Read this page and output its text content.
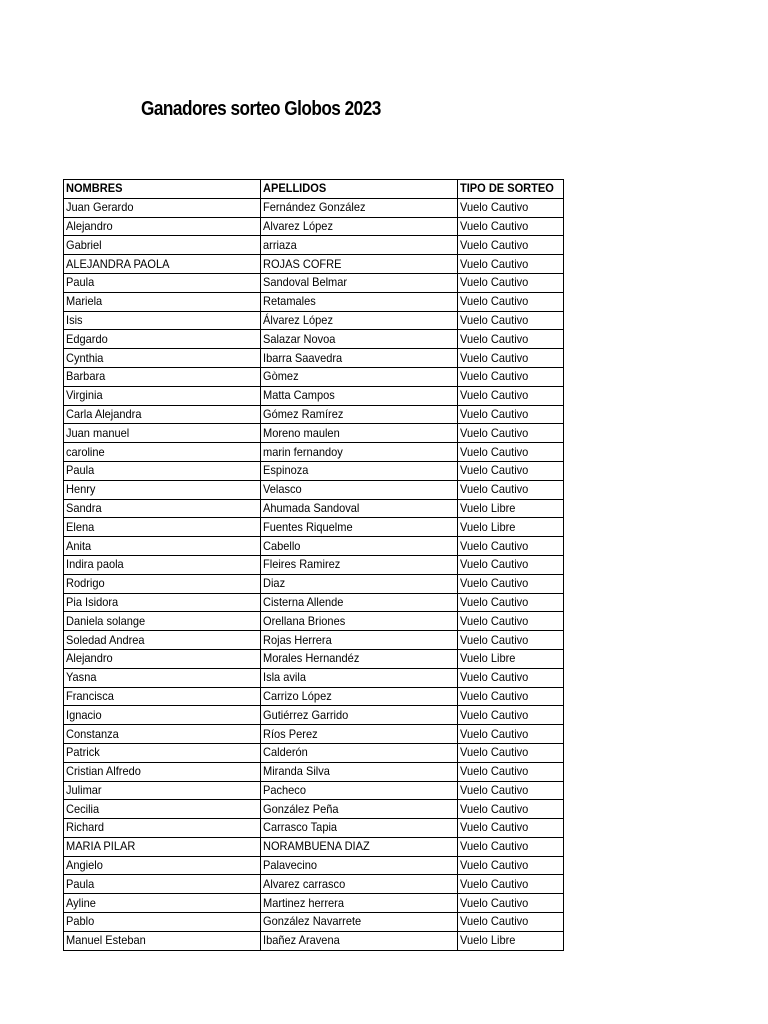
Ganadores sorteo Globos 2023
NOMBRES	APELLIDOS	TIPO DE SORTEO
Juan Gerardo	Fernández González	Vuelo Cautivo
Alejandro	Alvarez López	Vuelo Cautivo
Gabriel	arriaza	Vuelo Cautivo
ALEJANDRA PAOLA	ROJAS COFRE	Vuelo Cautivo
Paula	Sandoval Belmar	Vuelo Cautivo
Mariela	Retamales	Vuelo Cautivo
Isis	Álvarez López	Vuelo Cautivo
Edgardo	Salazar Novoa	Vuelo Cautivo
Cynthia	Ibarra Saavedra	Vuelo Cautivo
Barbara	Gòmez	Vuelo Cautivo
Virginia	Matta Campos	Vuelo Cautivo
Carla Alejandra	Gómez Ramírez	Vuelo Cautivo
Juan manuel	Moreno maulen	Vuelo Cautivo
caroline	marin fernandoy	Vuelo Cautivo
Paula	Espinoza	Vuelo Cautivo
Henry	Velasco	Vuelo Cautivo
Sandra	Ahumada Sandoval	Vuelo Libre
Elena	Fuentes Riquelme	Vuelo Libre
Anita	Cabello	Vuelo Cautivo
Indira paola	Fleires Ramirez	Vuelo Cautivo
Rodrigo	Diaz	Vuelo Cautivo
Pia Isidora	Cisterna Allende	Vuelo Cautivo
Daniela solange	Orellana Briones	Vuelo Cautivo
Soledad Andrea	Rojas Herrera	Vuelo Cautivo
Alejandro	Morales Hernandéz	Vuelo Libre
Yasna	Isla avila	Vuelo Cautivo
Francisca	Carrizo López	Vuelo Cautivo
Ignacio	Gutiérrez Garrido	Vuelo Cautivo
Constanza	Ríos Perez	Vuelo Cautivo
Patrick	Calderón	Vuelo Cautivo
Cristian Alfredo	Miranda Silva	Vuelo Cautivo
Julimar	Pacheco	Vuelo Cautivo
Cecilia	González Peña	Vuelo Cautivo
Richard	Carrasco Tapia	Vuelo Cautivo
MARIA PILAR	NORAMBUENA DIAZ	Vuelo Cautivo
Angielo	Palavecino	Vuelo Cautivo
Paula	Alvarez carrasco	Vuelo Cautivo
Ayline	Martinez herrera	Vuelo Cautivo
Pablo	González Navarrete	Vuelo Cautivo
Manuel Esteban	Ibañez Aravena	Vuelo Libre
